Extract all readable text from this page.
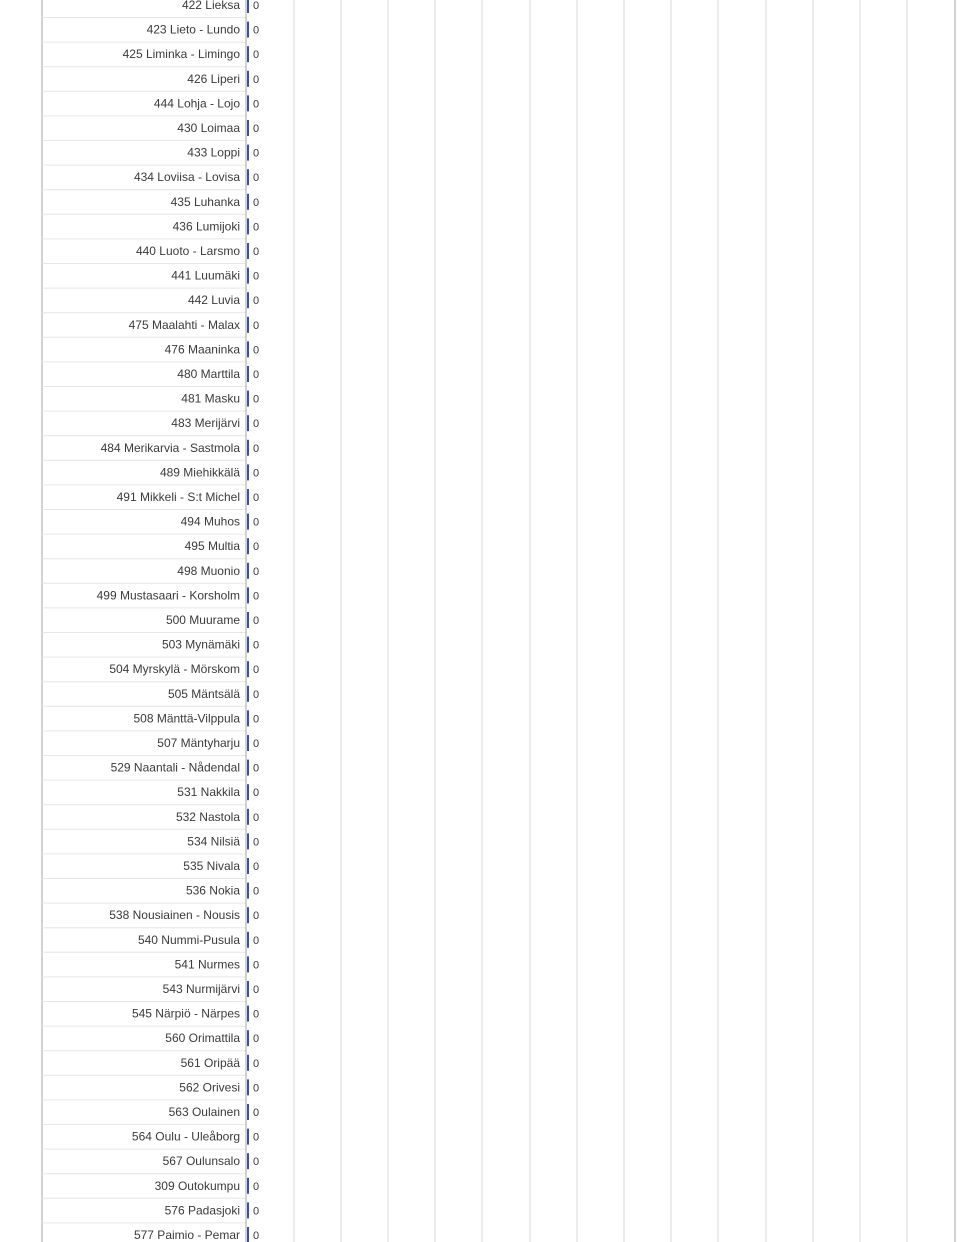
422 Lieksa 0
423 Lieto - Lundo 0
425 Liminka - Limingo 0
426 Liperi 0
444 Lohja - Lojo 0
430 Loimaa 0
433 Loppi 0
434 Loviisa - Lovisa 0
435 Luhanka 0
436 Lumijoki 0
440 Luoto - Larsmo 0
441 Luumäki 0
442 Luvia 0
475 Maalahti - Malax 0
476 Maaninka 0
480 Marttila 0
481 Masku 0
483 Merijärvi 0
484 Merikarvia - Sastmola 0
489 Miehikkälä 0
491 Mikkeli - S:t Michel 0
494 Muhos 0
495 Multia 0
498 Muonio 0
499 Mustasaari - Korsholm 0
500 Muurame 0
503 Mynämäki 0
504 Myrskylä - Mörskom 0
505 Mäntsälä 0
508 Mänttä-Vilppula 0
507 Mäntyharju 0
529 Naantali - Nådendal 0
531 Nakkila 0
532 Nastola 0
534 Nilsiä 0
535 Nivala 0
536 Nokia 0
538 Nousiainen - Nousis 0
540 Nummi-Pusula 0
541 Nurmes 0
543 Nurmijärvi 0
545 Närpiö - Närpes 0
560 Orimattila 0
561 Oripää 0
562 Orivesi 0
563 Oulainen 0
564 Oulu - Uleåborg 0
567 Oulunsalo 0
309 Outokumpu 0
576 Padasjoki 0
577 Paimio - Pemar 0
